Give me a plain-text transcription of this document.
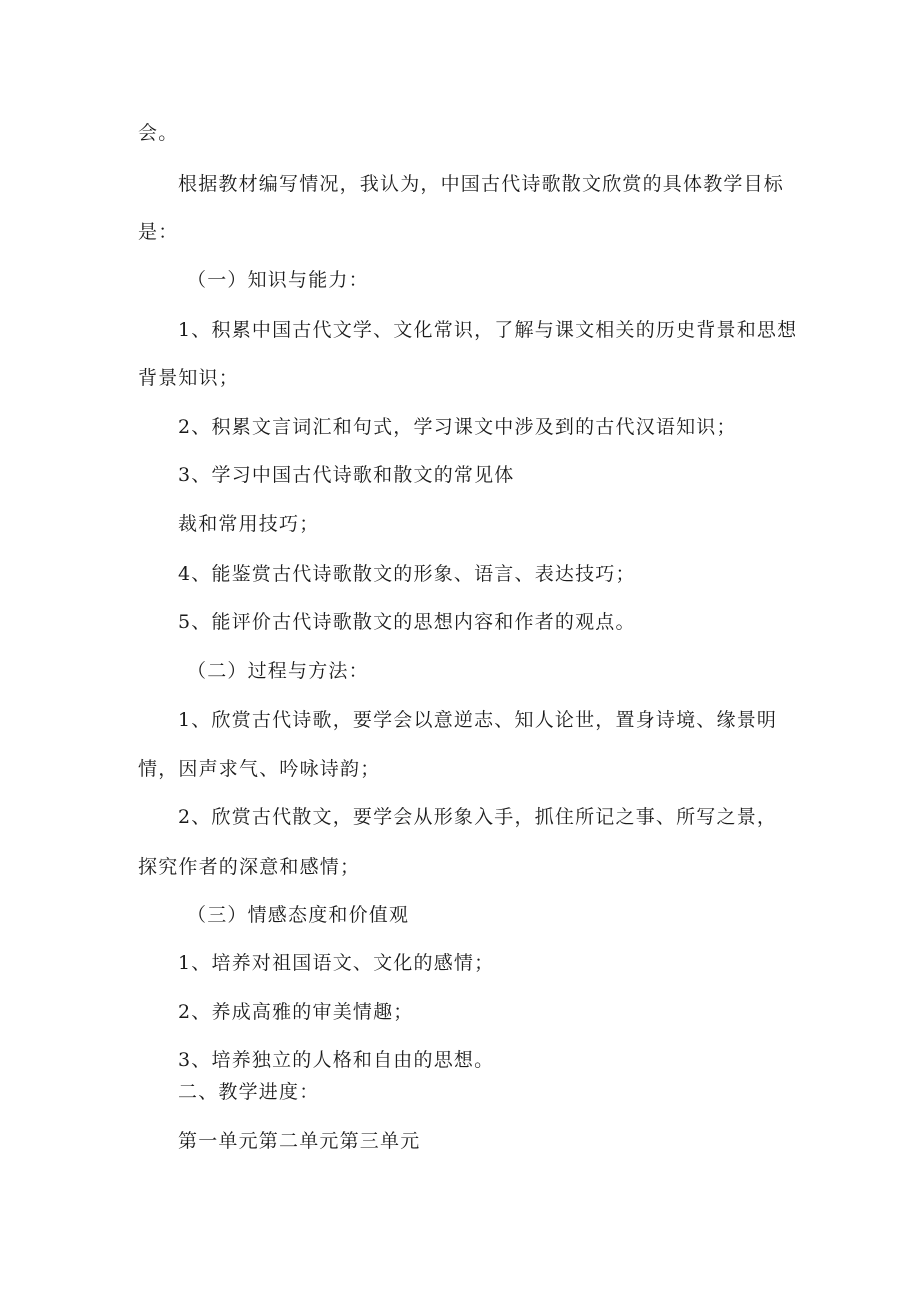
会。
根据教材编写情况，我认为，中国古代诗歌散文欣赏的具体教学目标
是：
（一）知识与能力：
1、积累中国古代文学、文化常识，了解与课文相关的历史背景和思想
背景知识；
2、积累文言词汇和句式，学习课文中涉及到的古代汉语知识；
3、学习中国古代诗歌和散文的常见体
裁和常用技巧；
4、能鉴赏古代诗歌散文的形象、语言、表达技巧；
5、能评价古代诗歌散文的思想内容和作者的观点。
（二）过程与方法：
1、欣赏古代诗歌，要学会以意逆志、知人论世，置身诗境、缘景明
情，因声求气、吟咏诗韵；
2、欣赏古代散文，要学会从形象入手，抓住所记之事、所写之景，
探究作者的深意和感情；
（三）情感态度和价值观
1、培养对祖国语文、文化的感情；
2、养成高雅的审美情趣；
3、培养独立的人格和自由的思想。
二、教学进度：
第一单元第二单元第三单元
